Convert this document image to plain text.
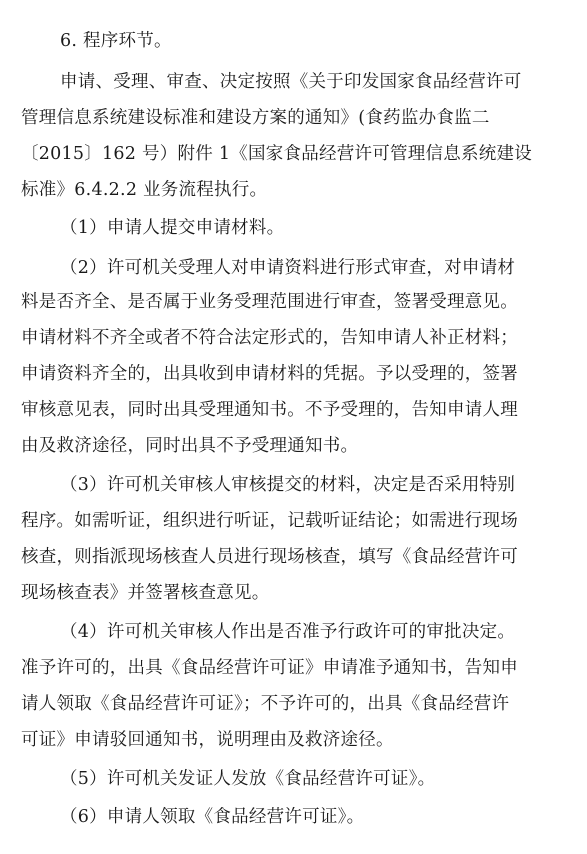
6. 程序环节。
申请、受理、审查、决定按照《关于印发国家食品经营许可
管理信息系统建设标准和建设方案的通知》(食药监办食监二
〔2015〕162 号）附件 1《国家食品经营许可管理信息系统建设
标准》6.4.2.2 业务流程执行。
（1）申请人提交申请材料。
（2）许可机关受理人对申请资料进行形式审查，对申请材
料是否齐全、是否属于业务受理范围进行审查，签署受理意见。
申请材料不齐全或者不符合法定形式的，告知申请人补正材料；
申请资料齐全的，出具收到申请材料的凭据。予以受理的，签署
审核意见表，同时出具受理通知书。不予受理的，告知申请人理
由及救济途径，同时出具不予受理通知书。
（3）许可机关审核人审核提交的材料，决定是否采用特别
程序。如需听证，组织进行听证，记载听证结论；如需进行现场
核查，则指派现场核查人员进行现场核查，填写《食品经营许可
现场核查表》并签署核查意见。
（4）许可机关审核人作出是否准予行政许可的审批决定。
准予许可的，出具《食品经营许可证》申请准予通知书，告知申
请人领取《食品经营许可证》；不予许可的，出具《食品经营许
可证》申请驳回通知书，说明理由及救济途径。
（5）许可机关发证人发放《食品经营许可证》。
（6）申请人领取《食品经营许可证》。
